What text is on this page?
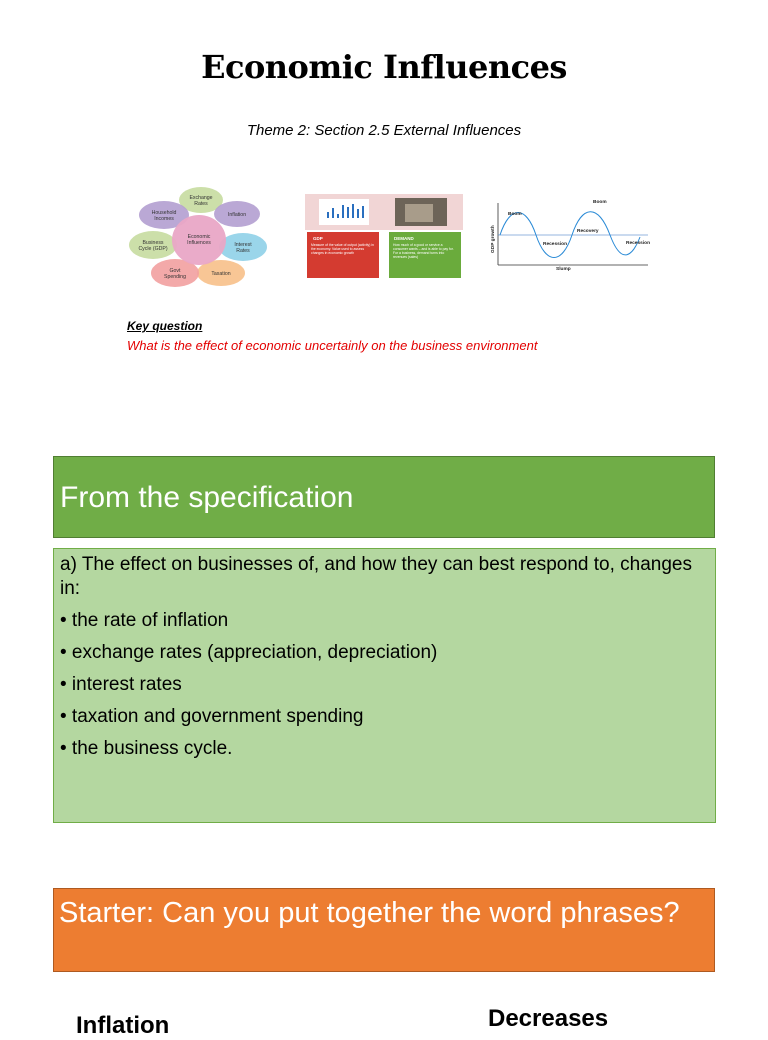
Economic Influences
Theme 2: Section 2.5 External Influences
Economic
Influences
Exchange
Rates
Inflation
Interest
Rates
Taxation
Govt
Spending
Business
Cycle (GDP)
Household
Incomes
GDP	DEMAND
Measure of the value of output (activity) in the economy. Value used to assess changes in economic growth
How much of a good or service a consumer wants – and is able to pay for. For a business, demand turns into revenues (sales)
GDP growth
Boom
Boom
Recovery
Recession	Recession
Slump
Key question
What is the effect of economic uncertainly on the business environment
From the specification
a) The effect on businesses of, and how they can best respond to, changes in:
• the rate of inflation
• exchange rates (appreciation, depreciation)
• interest rates
• taxation and government spending
• the business cycle.
Starter: Can you put together the word phrases?
Inflation	Decreases
